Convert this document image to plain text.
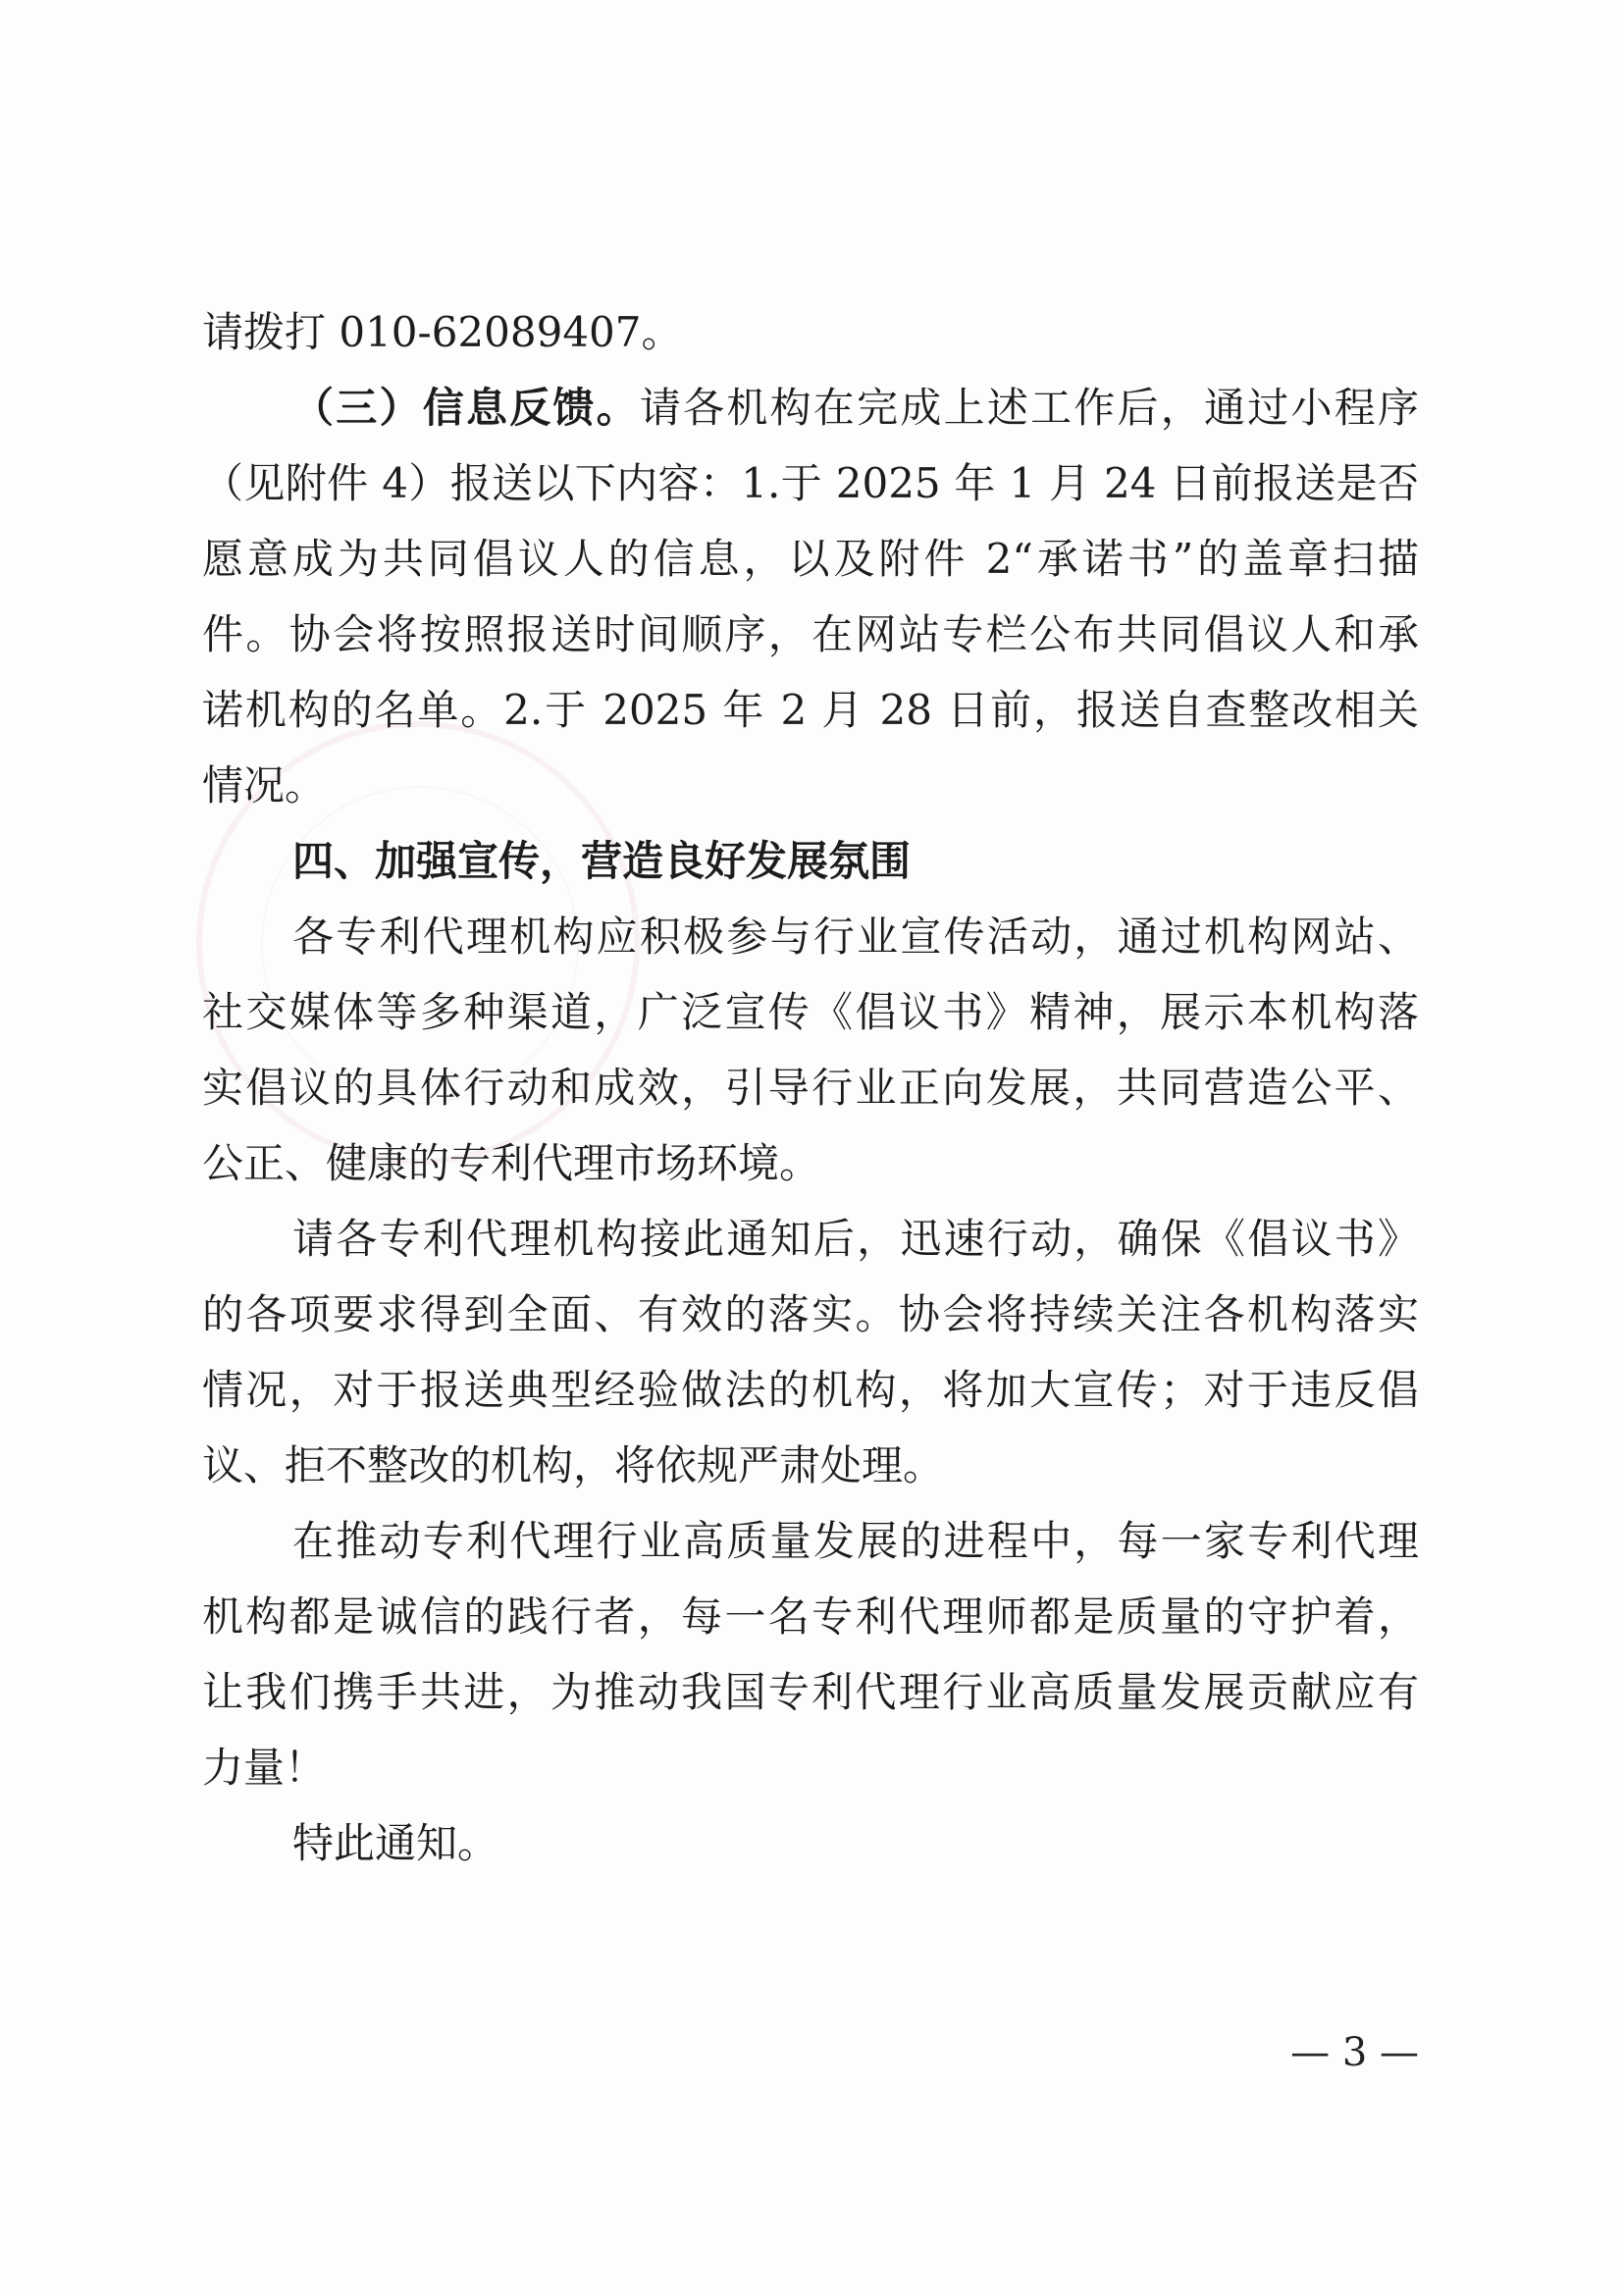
请拨打 010-62089407。
（三）信息反馈。请各机构在完成上述工作后，通过小程序
（见附件 4）报送以下内容：1.于 2025 年 1 月 24 日前报送是否
愿意成为共同倡议人的信息，以及附件 2“承诺书”的盖章扫描
件。协会将按照报送时间顺序，在网站专栏公布共同倡议人和承
诺机构的名单。2.于 2025 年 2 月 28 日前，报送自查整改相关
情况。
四、加强宣传，营造良好发展氛围
各专利代理机构应积极参与行业宣传活动，通过机构网站、
社交媒体等多种渠道，广泛宣传《倡议书》精神，展示本机构落
实倡议的具体行动和成效，引导行业正向发展，共同营造公平、
公正、健康的专利代理市场环境。
请各专利代理机构接此通知后，迅速行动，确保《倡议书》
的各项要求得到全面、有效的落实。协会将持续关注各机构落实
情况，对于报送典型经验做法的机构，将加大宣传；对于违反倡
议、拒不整改的机构，将依规严肃处理。
在推动专利代理行业高质量发展的进程中，每一家专利代理
机构都是诚信的践行者，每一名专利代理师都是质量的守护着，
让我们携手共进，为推动我国专利代理行业高质量发展贡献应有
力量！
特此通知。
— 3 —
